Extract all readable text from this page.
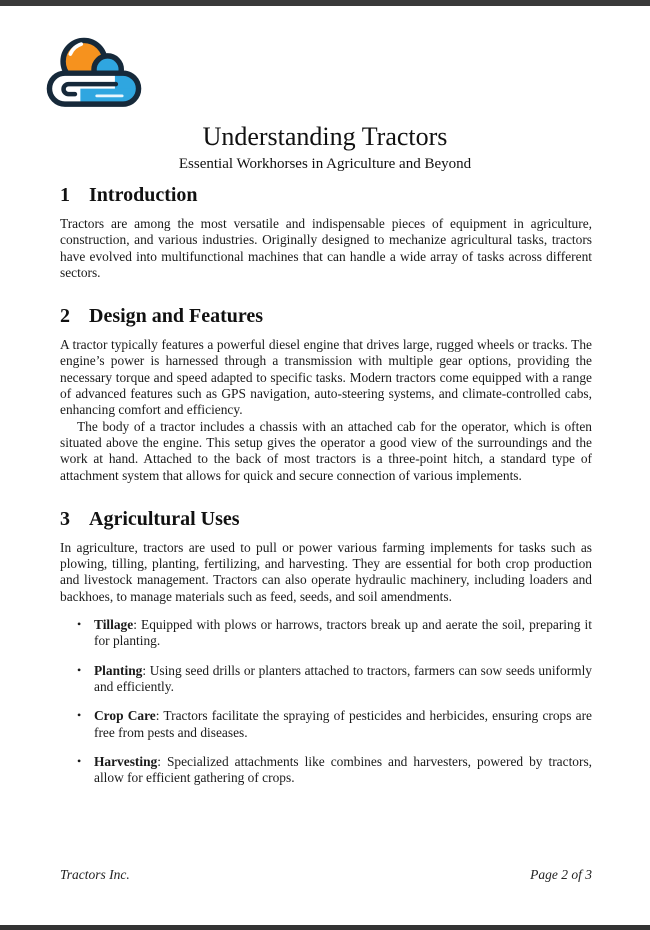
Understanding Tractors
Essential Workhorses in Agriculture and Beyond
1 Introduction

Tractors are among the most versatile and indispensable pieces of equipment in agriculture, construction, and various industries. Originally designed to mechanize agricultural tasks, tractors have evolved into multifunctional machines that can handle a wide array of tasks across different sectors.

2 Design and Features

A tractor typically features a powerful diesel engine that drives large, rugged wheels or tracks. The engine’s power is harnessed through a transmission with multiple gear options, providing the necessary torque and speed adapted to specific tasks. Modern tractors come equipped with a range of advanced features such as GPS navigation, auto-steering systems, and climate-controlled cabs, enhancing comfort and efficiency.

The body of a tractor includes a chassis with an attached cab for the operator, which is often situated above the engine. This setup gives the operator a good view of the surroundings and the work at hand. Attached to the back of most tractors is a three-point hitch, a standard type of attachment system that allows for quick and secure connection of various implements.

3 Agricultural Uses

In agriculture, tractors are used to pull or power various farming implements for tasks such as plowing, tilling, planting, fertilizing, and harvesting. They are essential for both crop production and livestock management. Tractors can also operate hydraulic machinery, including loaders and backhoes, to manage materials such as feed, seeds, and soil amendments.

• Tillage: Equipped with plows or harrows, tractors break up and aerate the soil, preparing it for planting.
• Planting: Using seed drills or planters attached to tractors, farmers can sow seeds uniformly and efficiently.
• Crop Care: Tractors facilitate the spraying of pesticides and herbicides, ensuring crops are free from pests and diseases.
• Harvesting: Specialized attachments like combines and harvesters, powered by tractors, allow for efficient gathering of crops.
Tractors Inc.	Page 2 of 3
